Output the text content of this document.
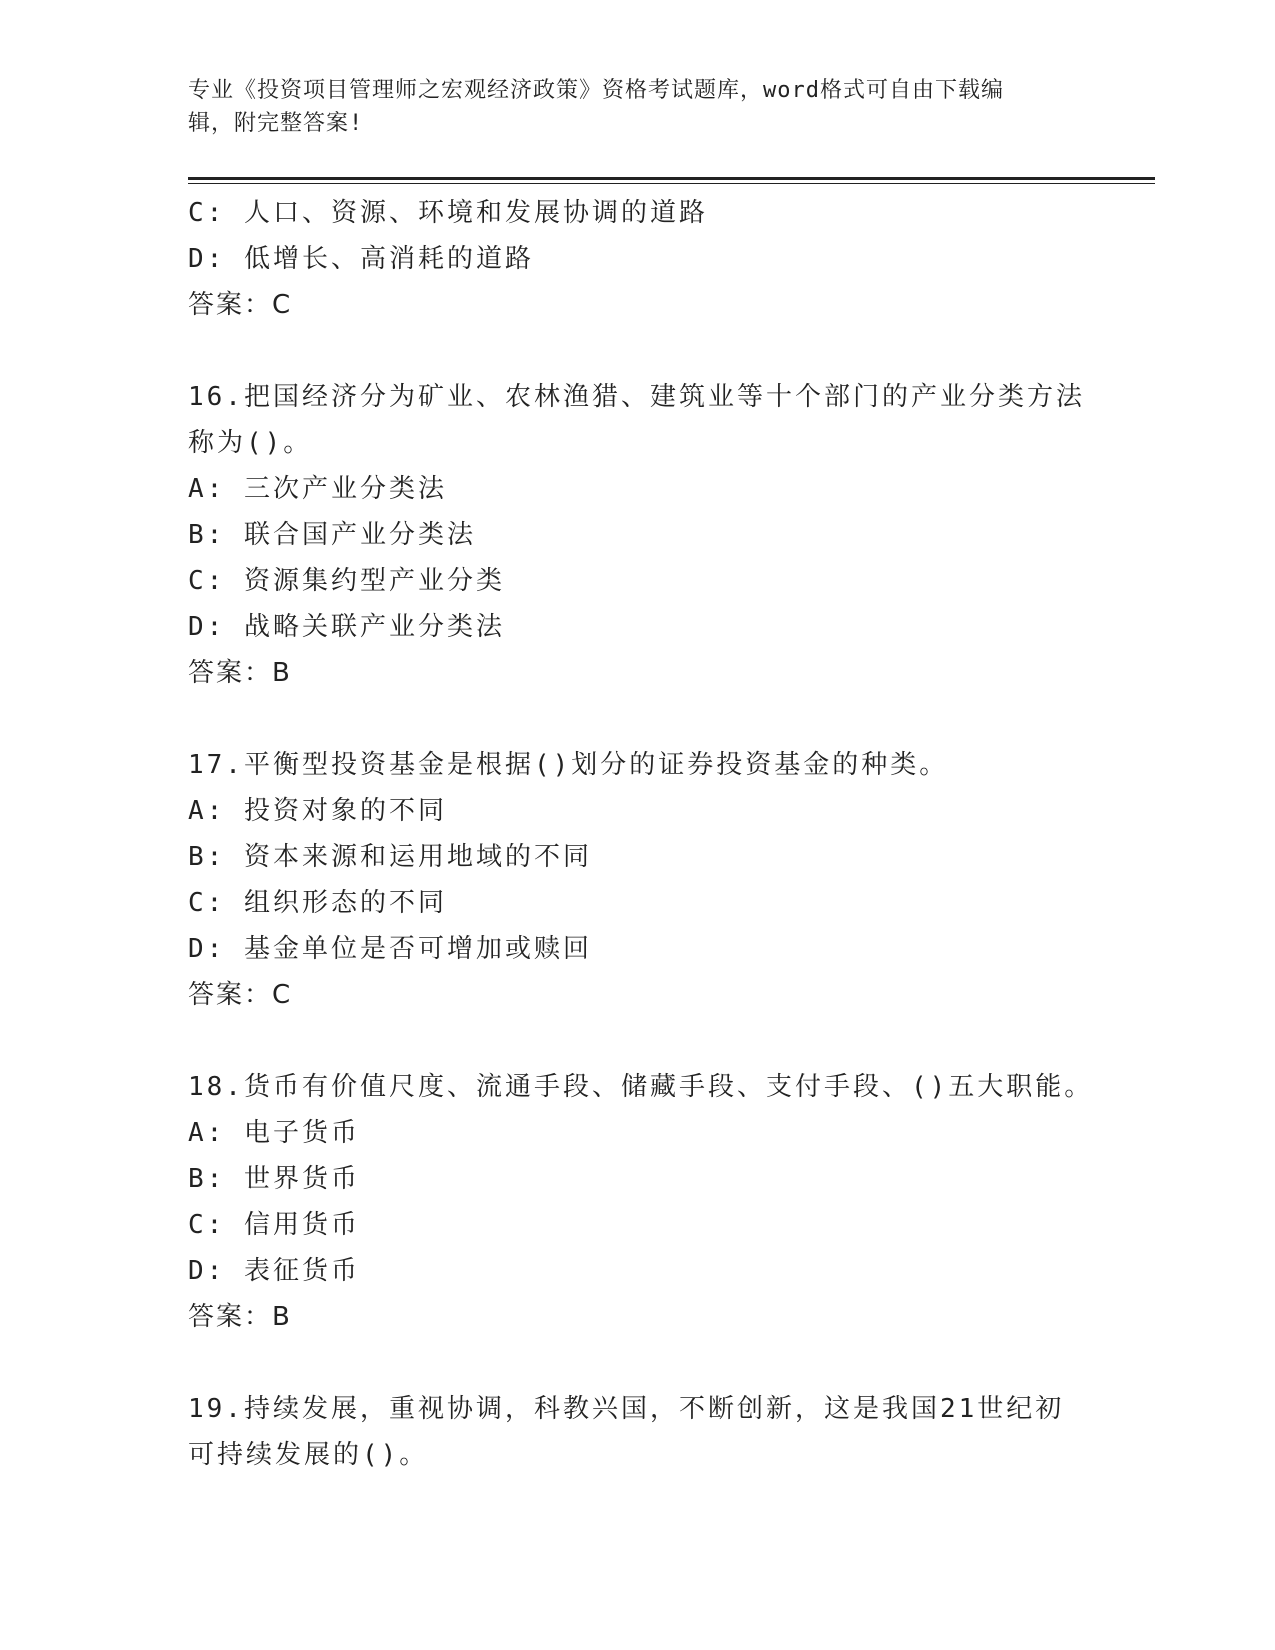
专业《投资项目管理师之宏观经济政策》资格考试题库，word格式可自由下载编
辑，附完整答案!
C: 人口、资源、环境和发展协调的道路
D: 低增长、高消耗的道路
答案：C
16.把国经济分为矿业、农林渔猎、建筑业等十个部门的产业分类方法
称为()。
A: 三次产业分类法
B: 联合国产业分类法
C: 资源集约型产业分类
D: 战略关联产业分类法
答案：B
17.平衡型投资基金是根据()划分的证券投资基金的种类。
A: 投资对象的不同
B: 资本来源和运用地域的不同
C: 组织形态的不同
D: 基金单位是否可增加或赎回
答案：C
18.货币有价值尺度、流通手段、储藏手段、支付手段、()五大职能。
A: 电子货币
B: 世界货币
C: 信用货币
D: 表征货币
答案：B
19.持续发展，重视协调，科教兴国，不断创新，这是我国21世纪初
可持续发展的()。
